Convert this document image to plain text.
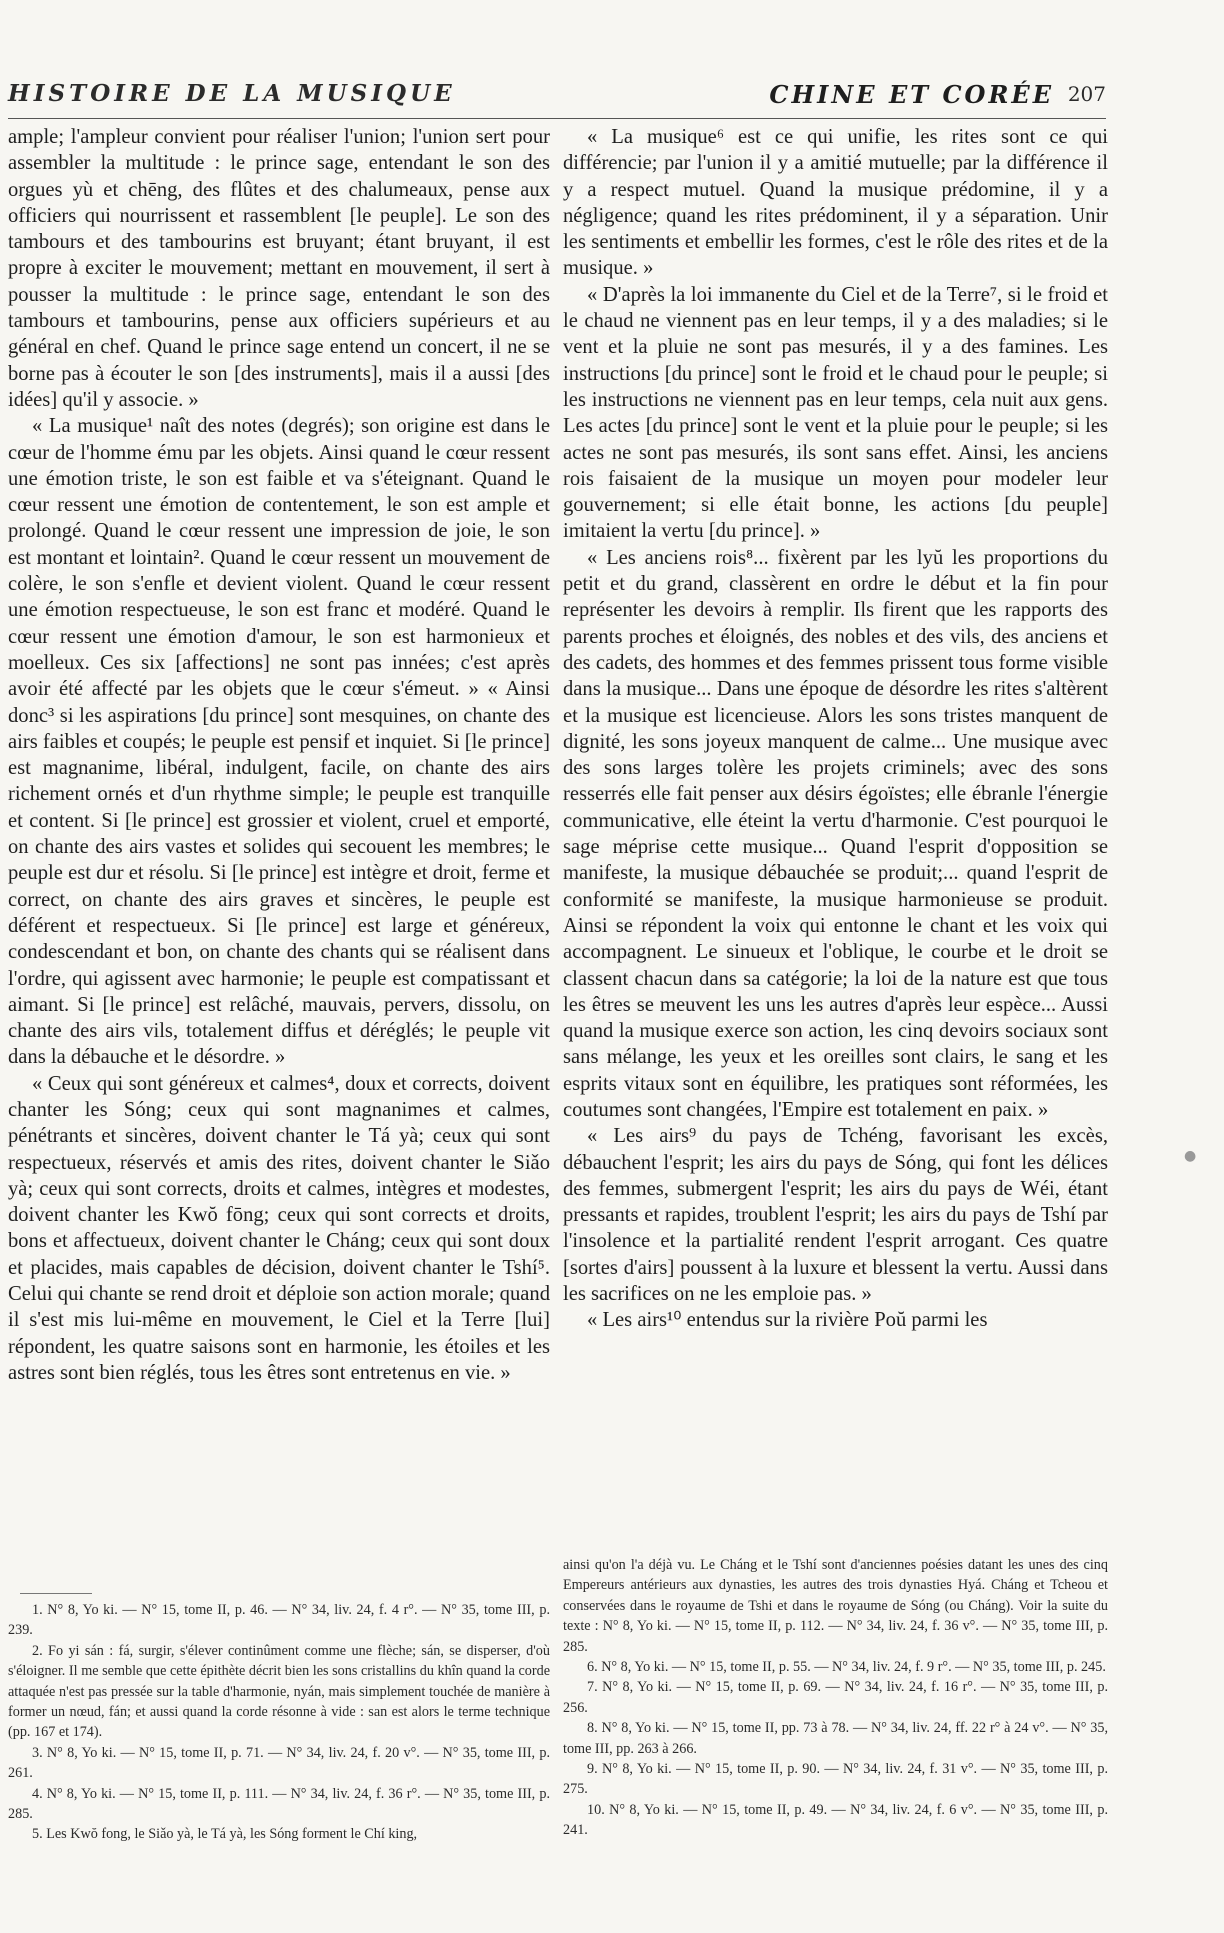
HISTOIRE DE LA MUSIQUE	CHINE ET CORÉE 207

ample; l'ampleur convient pour réaliser l'union; l'union sert pour assembler la multitude : le prince sage, entendant le son des orgues yù et chēng, des flûtes et des chalumeaux, pense aux officiers qui nourrissent et rassemblent [le peuple]. Le son des tambours et des tambourins est bruyant; étant bruyant, il est propre à exciter le mouvement; mettant en mouvement, il sert à pousser la multitude : le prince sage, entendant le son des tambours et tambourins, pense aux officiers supérieurs et au général en chef. Quand le prince sage entend un concert, il ne se borne pas à écouter le son [des instruments], mais il a aussi [des idées] qu'il y associe. »

« La musique¹ naît des notes (degrés); son origine est dans le cœur de l'homme ému par les objets. Ainsi quand le cœur ressent une émotion triste, le son est faible et va s'éteignant. Quand le cœur ressent une émotion de contentement, le son est ample et prolongé. Quand le cœur ressent une impression de joie, le son est montant et lointain². Quand le cœur ressent un mouvement de colère, le son s'enfle et devient violent. Quand le cœur ressent une émotion respectueuse, le son est franc et modéré. Quand le cœur ressent une émotion d'amour, le son est harmonieux et moelleux. Ces six [affections] ne sont pas innées; c'est après avoir été affecté par les objets que le cœur s'émeut. » « Ainsi donc³ si les aspirations [du prince] sont mesquines, on chante des airs faibles et coupés; le peuple est pensif et inquiet. Si [le prince] est magnanime, libéral, indulgent, facile, on chante des airs richement ornés et d'un rhythme simple; le peuple est tranquille et content. Si [le prince] est grossier et violent, cruel et emporté, on chante des airs vastes et solides qui secouent les membres; le peuple est dur et résolu. Si [le prince] est intègre et droit, ferme et correct, on chante des airs graves et sincères, le peuple est déférent et respectueux. Si [le prince] est large et généreux, condescendant et bon, on chante des chants qui se réalisent dans l'ordre, qui agissent avec harmonie; le peuple est compatissant et aimant. Si [le prince] est relâché, mauvais, pervers, dissolu, on chante des airs vils, totalement diffus et déréglés; le peuple vit dans la débauche et le désordre. »

« Ceux qui sont généreux et calmes⁴, doux et corrects, doivent chanter les Sóng; ceux qui sont magnanimes et calmes, pénétrants et sincères, doivent chanter le Tá yà; ceux qui sont respectueux, réservés et amis des rites, doivent chanter le Siǎo yà; ceux qui sont corrects, droits et calmes, intègres et modestes, doivent chanter les Kwŏ fōng; ceux qui sont corrects et droits, bons et affectueux, doivent chanter le Cháng; ceux qui sont doux et placides, mais capables de décision, doivent chanter le Tshí⁵. Celui qui chante se rend droit et déploie son action morale; quand il s'est mis lui-même en mouvement, le Ciel et la Terre [lui] répondent, les quatre saisons sont en harmonie, les étoiles et les astres sont bien réglés, tous les êtres sont entretenus en vie. »

« La musique⁶ est ce qui unifie, les rites sont ce qui différencie; par l'union il y a amitié mutuelle; par la différence il y a respect mutuel. Quand la musique prédomine, il y a négligence; quand les rites prédominent, il y a séparation. Unir les sentiments et embellir les formes, c'est le rôle des rites et de la musique. »

« D'après la loi immanente du Ciel et de la Terre⁷, si le froid et le chaud ne viennent pas en leur temps, il y a des maladies; si le vent et la pluie ne sont pas mesurés, il y a des famines. Les instructions [du prince] sont le froid et le chaud pour le peuple; si les instructions ne viennent pas en leur temps, cela nuit aux gens. Les actes [du prince] sont le vent et la pluie pour le peuple; si les actes ne sont pas mesurés, ils sont sans effet. Ainsi, les anciens rois faisaient de la musique un moyen pour modeler leur gouvernement; si elle était bonne, les actions [du peuple] imitaient la vertu [du prince]. »

« Les anciens rois⁸... fixèrent par les lyŭ les proportions du petit et du grand, classèrent en ordre le début et la fin pour représenter les devoirs à remplir. Ils firent que les rapports des parents proches et éloignés, des nobles et des vils, des anciens et des cadets, des hommes et des femmes prissent tous forme visible dans la musique... Dans une époque de désordre les rites s'altèrent et la musique est licencieuse. Alors les sons tristes manquent de dignité, les sons joyeux manquent de calme... Une musique avec des sons larges tolère les projets criminels; avec des sons resserrés elle fait penser aux désirs égoïstes; elle ébranle l'énergie communicative, elle éteint la vertu d'harmonie. C'est pourquoi le sage méprise cette musique... Quand l'esprit d'opposition se manifeste, la musique débauchée se produit;... quand l'esprit de conformité se manifeste, la musique harmonieuse se produit. Ainsi se répondent la voix qui entonne le chant et les voix qui accompagnent. Le sinueux et l'oblique, le courbe et le droit se classent chacun dans sa catégorie; la loi de la nature est que tous les êtres se meuvent les uns les autres d'après leur espèce... Aussi quand la musique exerce son action, les cinq devoirs sociaux sont sans mélange, les yeux et les oreilles sont clairs, le sang et les esprits vitaux sont en équilibre, les pratiques sont réformées, les coutumes sont changées, l'Empire est totalement en paix. »

« Les airs⁹ du pays de Tchéng, favorisant les excès, débauchent l'esprit; les airs du pays de Sóng, qui font les délices des femmes, submergent l'esprit; les airs du pays de Wéi, étant pressants et rapides, troublent l'esprit; les airs du pays de Tshí par l'insolence et la partialité rendent l'esprit arrogant. Ces quatre [sortes d'airs] poussent à la luxure et blessent la vertu. Aussi dans les sacrifices on ne les emploie pas. »

« Les airs¹⁰ entendus sur la rivière Poŭ parmi les

1. N° 8, Yo ki. — N° 15, tome II, p. 46. — N° 34, liv. 24, f. 4 r°. — N° 35, tome III, p. 239.

2. Fo yi sán : fá, surgir, s'élever continûment comme une flèche; sán, se disperser, d'où s'éloigner. Il me semble que cette épithète décrit bien les sons cristallins du khîn quand la corde attaquée n'est pas pressée sur la table d'harmonie, nyán, mais simplement touchée de manière à former un nœud, fán; et aussi quand la corde résonne à vide : san est alors le terme technique (pp. 167 et 174).

3. N° 8, Yo ki. — N° 15, tome II, p. 71. — N° 34, liv. 24, f. 20 v°. — N° 35, tome III, p. 261.

4. N° 8, Yo ki. — N° 15, tome II, p. 111. — N° 34, liv. 24, f. 36 r°. — N° 35, tome III, p. 285.

5. Les Kwŏ fong, le Siǎo yà, le Tá yà, les Sóng forment le Chí king,

ainsi qu'on l'a déjà vu. Le Cháng et le Tshí sont d'anciennes poésies datant les unes des cinq Empereurs antérieurs aux dynasties, les autres des trois dynasties Hyá. Cháng et Tcheou et conservées dans le royaume de Tshi et dans le royaume de Sóng (ou Cháng). Voir la suite du texte : N° 8, Yo ki. — N° 15, tome II, p. 112. — N° 34, liv. 24, f. 36 v°. — N° 35, tome III, p. 285.

6. N° 8, Yo ki. — N° 15, tome II, p. 55. — N° 34, liv. 24, f. 9 r°. — N° 35, tome III, p. 245.

7. N° 8, Yo ki. — N° 15, tome II, p. 69. — N° 34, liv. 24, f. 16 r°. — N° 35, tome III, p. 256.

8. N° 8, Yo ki. — N° 15, tome II, pp. 73 à 78. — N° 34, liv. 24, ff. 22 r° à 24 v°. — N° 35, tome III, pp. 263 à 266.

9. N° 8, Yo ki. — N° 15, tome II, p. 90. — N° 34, liv. 24, f. 31 v°. — N° 35, tome III, p. 275.

10. N° 8, Yo ki. — N° 15, tome II, p. 49. — N° 34, liv. 24, f. 6 v°. — N° 35, tome III, p. 241.

●
